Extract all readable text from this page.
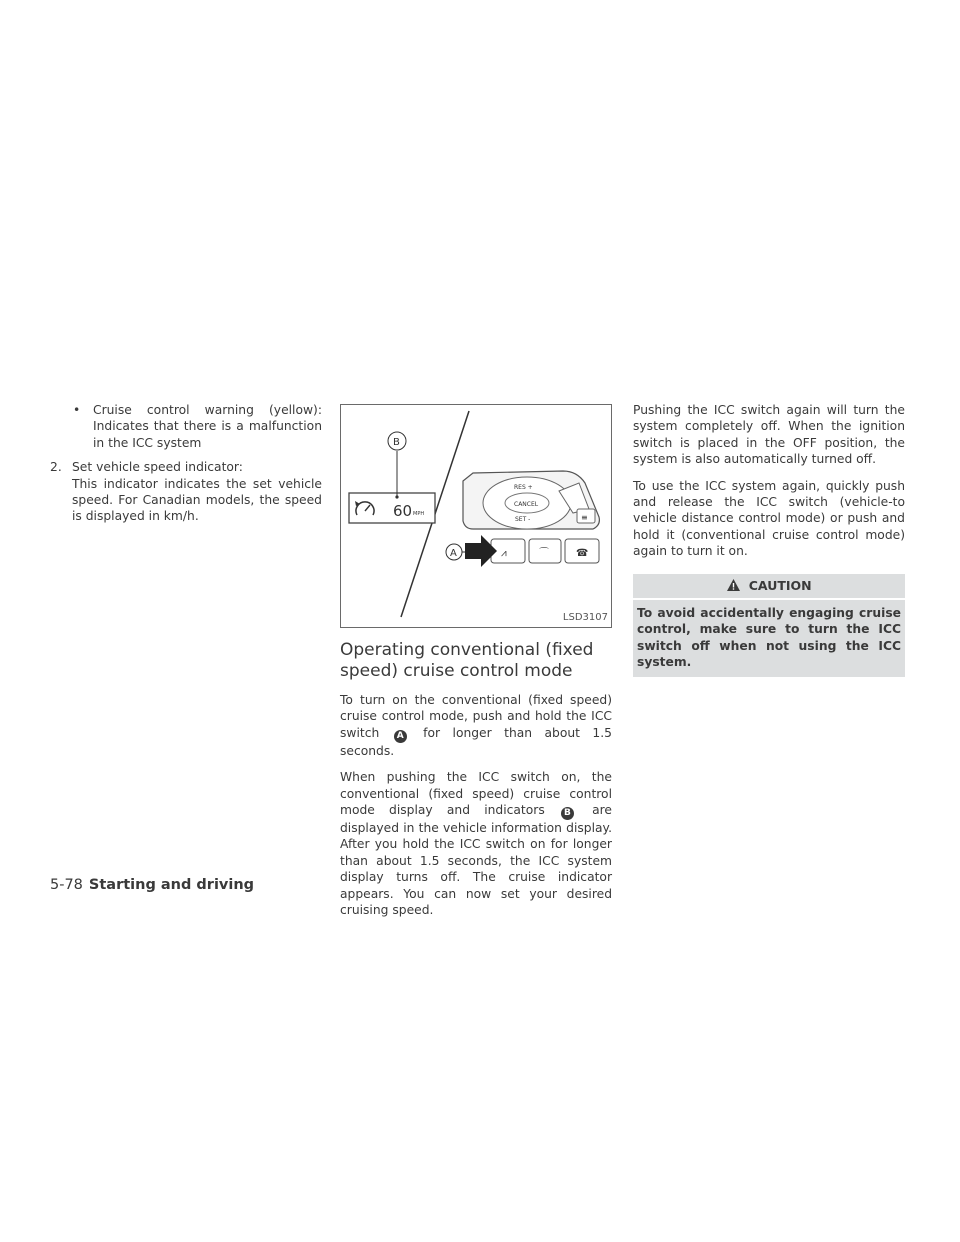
•	Cruise control warning (yellow): Indicates that there is a malfunction in the ICC system
2. Set vehicle speed indicator:
This indicator indicates the set vehicle speed. For Canadian models, the speed is displayed in km/h.
RES +
CANCEL
SET -	≡
⩘	⌒	☎
A
60 MPH
B
LSD3107
Operating conventional (fixed speed) cruise control mode

To turn on the conventional (fixed speed) cruise control mode, push and hold the ICC switch A for longer than about 1.5 seconds.

When pushing the ICC switch on, the conventional (fixed speed) cruise control mode display and indicators B are displayed in the vehicle information display. After you hold the ICC switch on for longer than about 1.5 seconds, the ICC system display turns off. The cruise indicator appears. You can now set your desired cruising speed.

Pushing the ICC switch again will turn the system completely off. When the ignition switch is placed in the OFF position, the system is also automatically turned off.

To use the ICC system again, quickly push and release the ICC switch (vehicle-to vehicle distance control mode) or push and hold it (conventional cruise control mode) again to turn it on.

CAUTION
To avoid accidentally engaging cruise control, make sure to turn the ICC switch off when not using the ICC system.
5-78 Starting and driving
